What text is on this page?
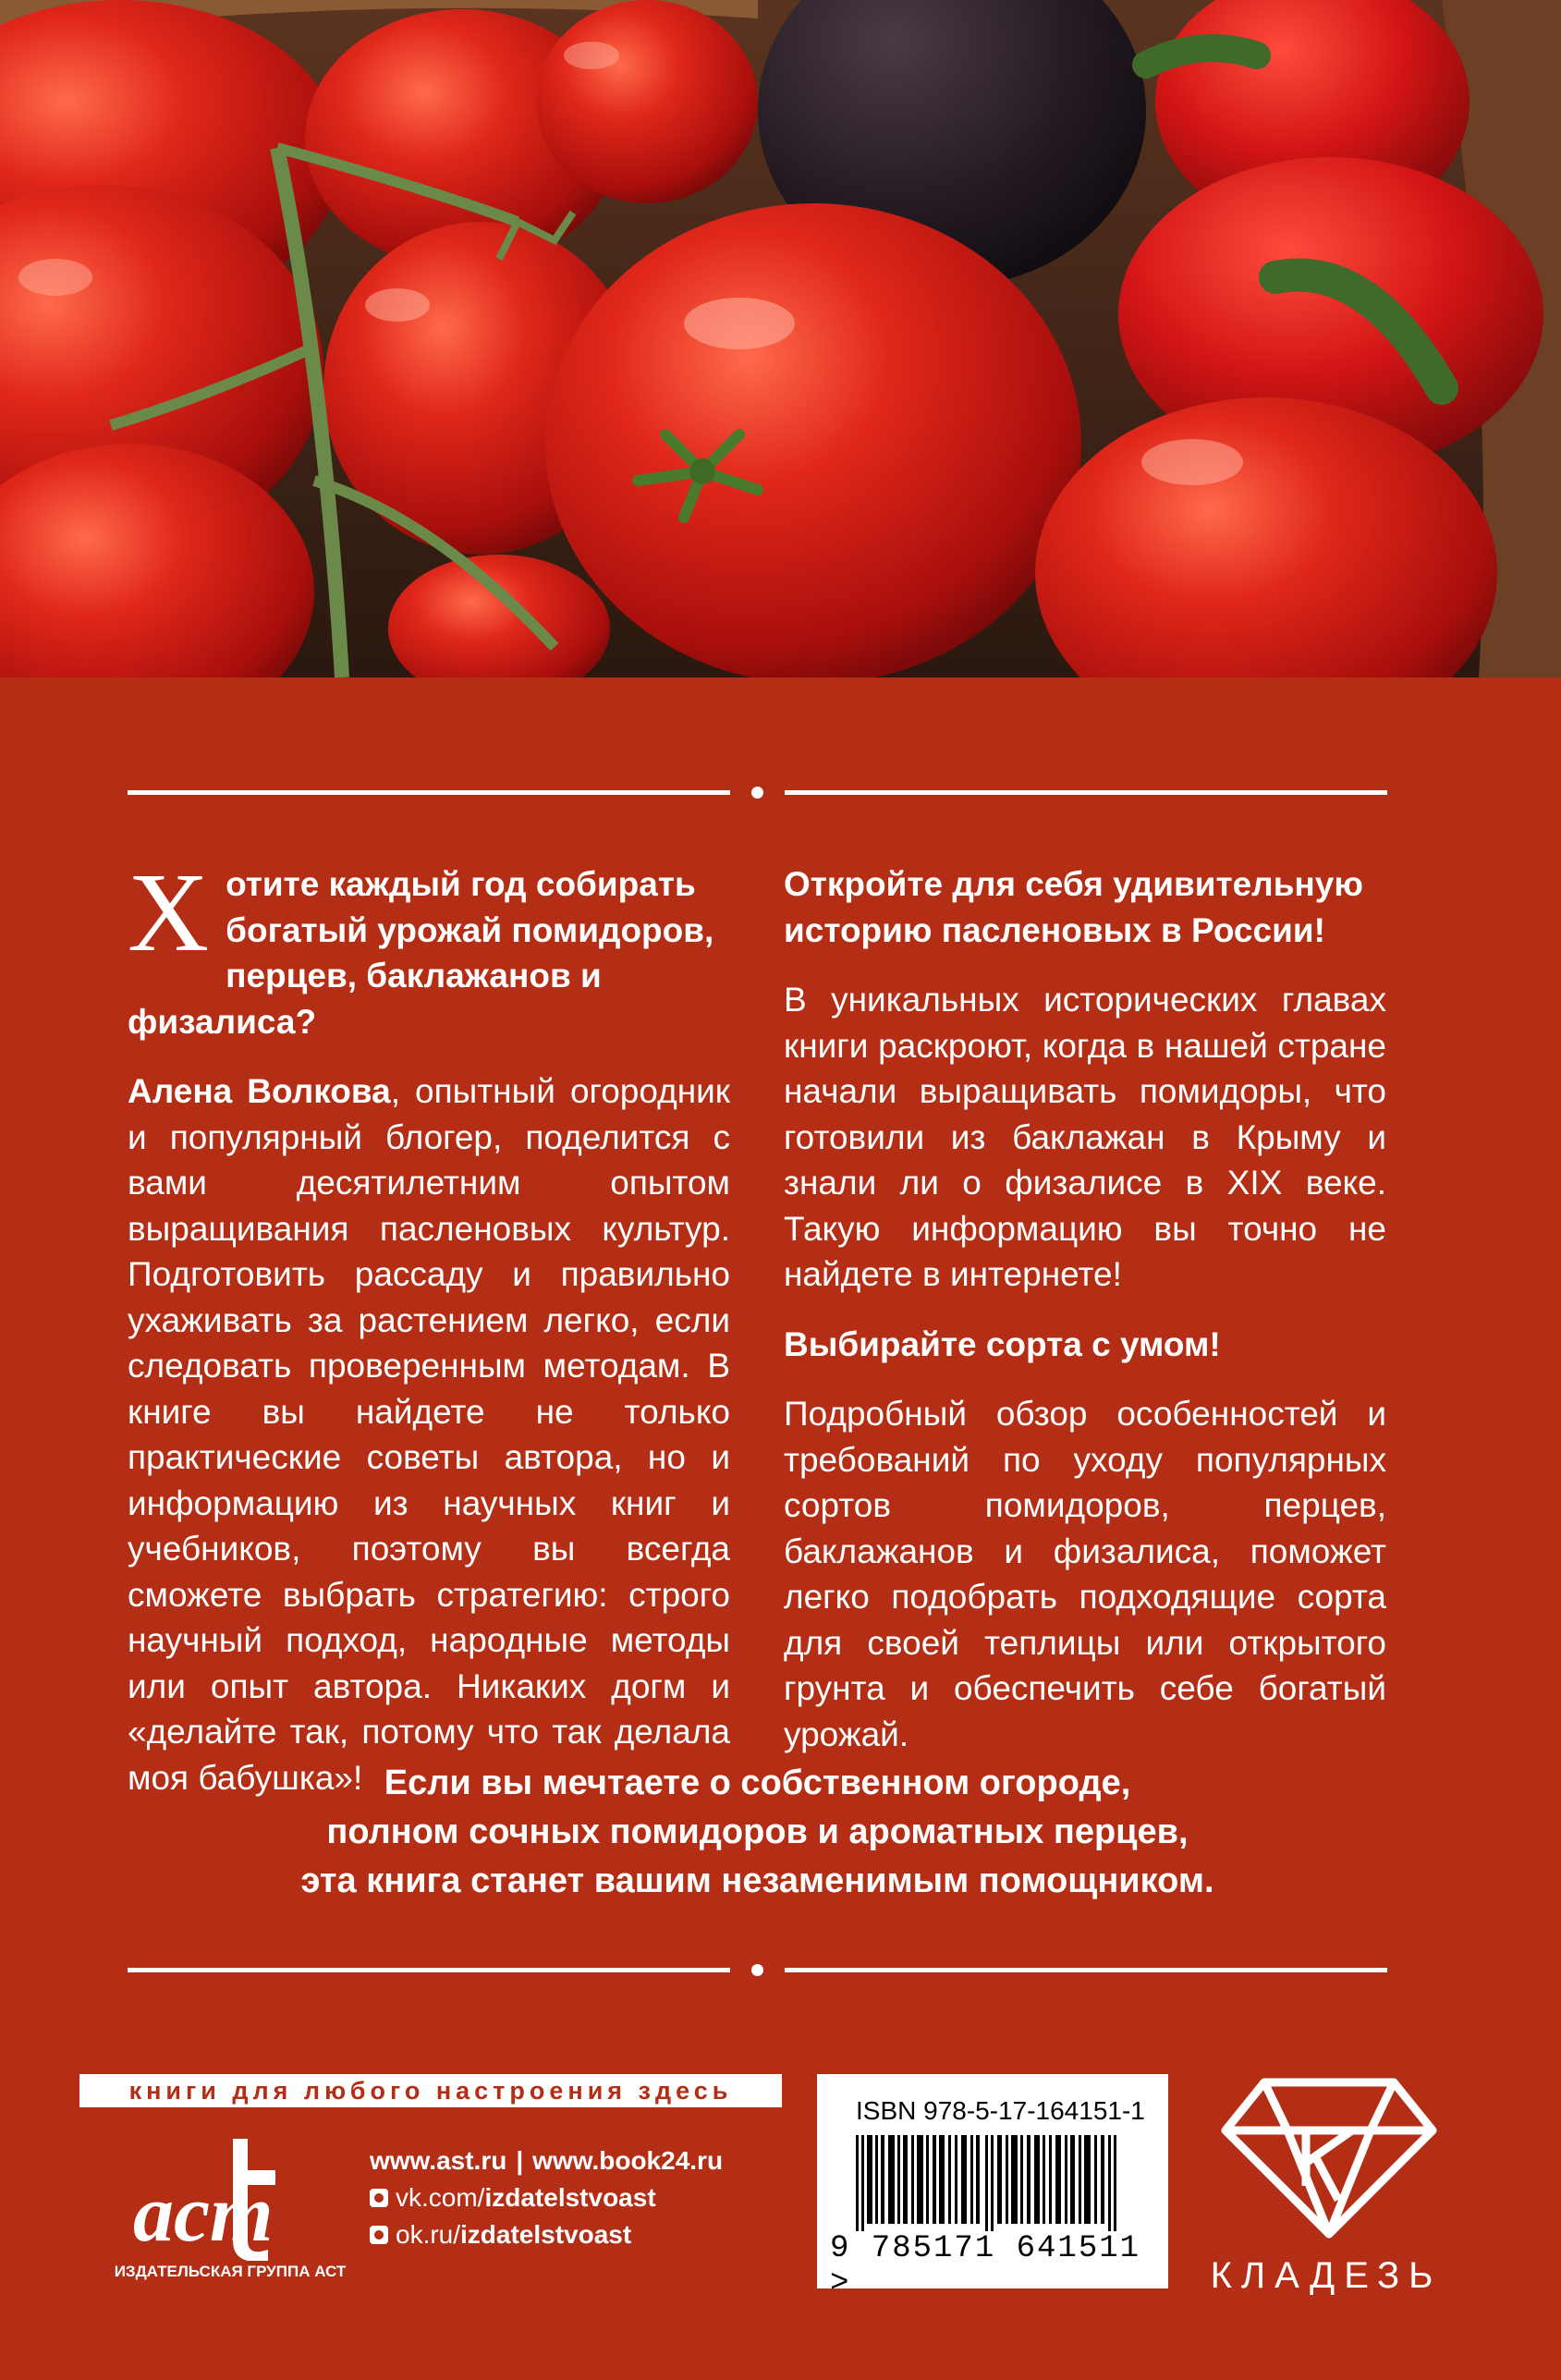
Хотите каждый год собирать богатый урожай помидоров, перцев, баклажанов и физалиса?

Алена Волкова, опытный огородник и популярный блогер, поделится с вами десятилетним опытом выращивания пасленовых культур. Подготовить рассаду и правильно ухаживать за растением легко, если следовать проверенным методам. В книге вы найдете не только практические советы автора, но и информацию из научных книг и учебников, поэтому вы всегда сможете выбрать стратегию: строго научный подход, народные методы или опыт автора. Никаких догм и «делайте так, потому что так делала моя бабушка»!

Откройте для себя удивительную историю пасленовых в России!

В уникальных исторических главах книги раскроют, когда в нашей стране начали выращивать помидоры, что готовили из баклажан в Крыму и знали ли о физалисе в XIX веке. Такую информацию вы точно не найдете в интернете!

Выбирайте сорта с умом!

Подробный обзор особенностей и требований по уходу популярных сортов помидоров, перцев, баклажанов и физалиса, поможет легко подобрать подходящие сорта для своей теплицы или открытого грунта и обеспечить себе богатый урожай.

Если вы мечтаете о собственном огороде,
полном сочных помидоров и ароматных перцев,
эта книга станет вашим незаменимым помощником.
книги для любого настроения здесь
аст
ИЗДАТЕЛЬСКАЯ ГРУППА АСТ
www.ast.ru | www.book24.ru
vk.com/ izdatelstvoast
ok.ru/ izdatelstvoast
ISBN 978-5-17-164151-1
9 785171 641511 >	КЛАДЕЗЬ
